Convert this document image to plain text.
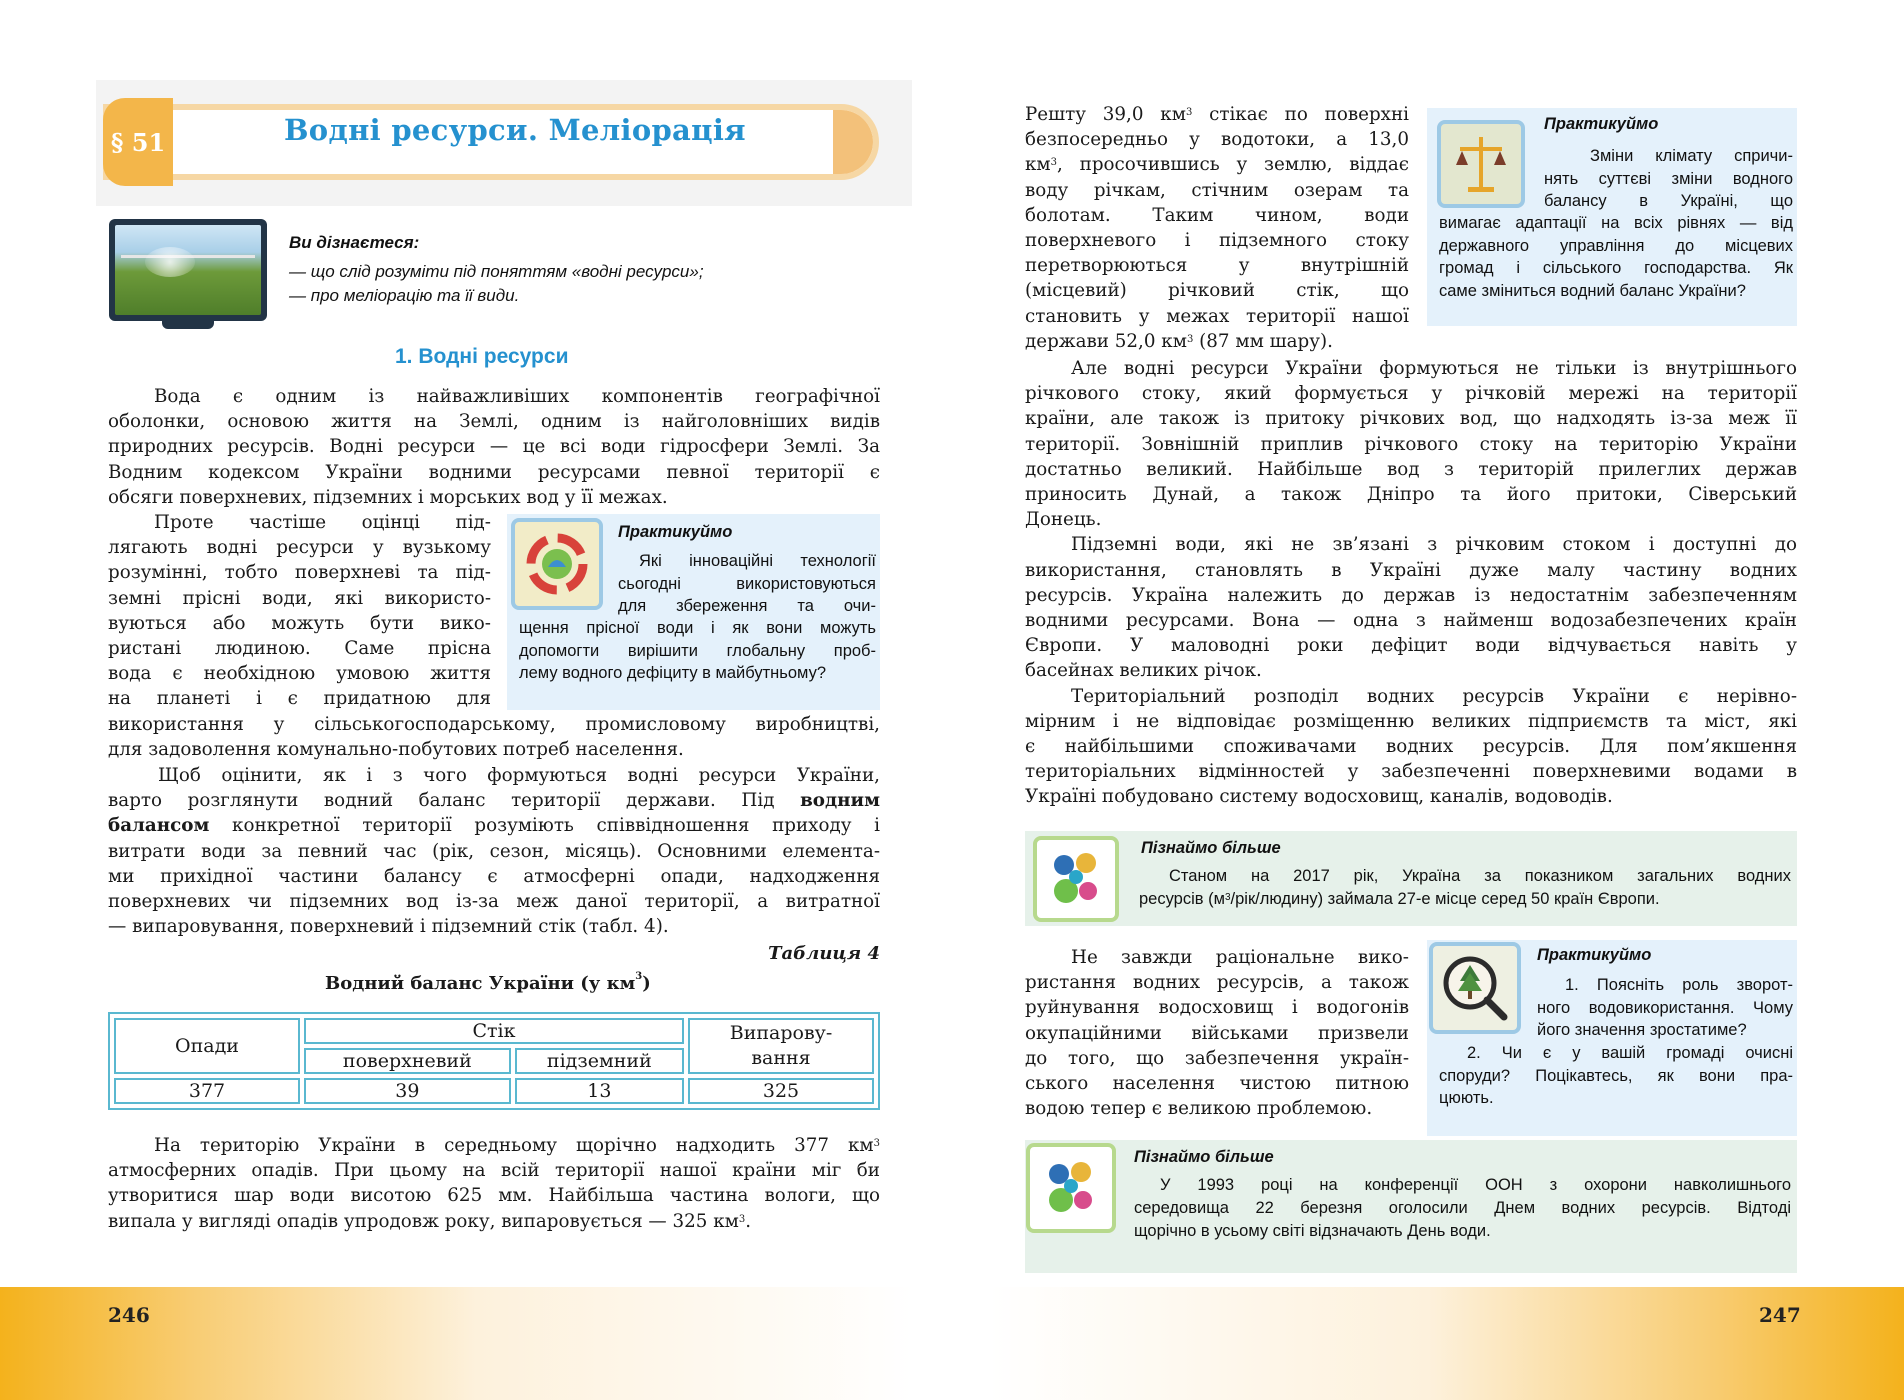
§ 51	Водні ресурси. Меліорація
Ви дізнаєтеся:
— що слід розуміти під поняттям «водні ресурси»;
— про меліорацію та її види.
1. Водні ресурси
Вода є одним із найважливіших компонентів географічної
оболонки, основою життя на Землі, одним із найголовніших видів
природних ресурсів. Водні ресурси — це всі води гідросфери Землі. За
Водним кодексом України водними ресурсами певної території є
обсяги поверхневих, підземних і морських вод у її межах.
Проте частіше оцінці під-
лягають водні ресурси у вузькому
розумінні, тобто поверхневі та під-
земні прісні води, які використо-
вуються або можуть бути вико-
ристані людиною. Саме прісна
вода є необхідною умовою життя
на планеті і є придатною для
використання у сільськогосподарському, промисловому виробництві,
для задоволення комунально-побутових потреб населення.
Практикуймо
Які інноваційні технології
сьогодні використовуються
для збереження та очи-
щення прісної води і як вони можуть
допомогти вирішити глобальну проб-
лему водного дефіциту в майбутньому?
Щоб оцінити, як і з чого формуються водні ресурси України,
варто розглянути водний баланс території держави. Під водним
балансом конкретної території розуміють співвідношення приходу і
витрати води за певний час (рік, сезон, місяць). Основними елемента-
ми прихідної частини балансу є атмосферні опади, надходження
поверхневих чи підземних вод із-за меж даної території, а витратної
— випаровування, поверхневий і підземний стік (табл. 4).
Таблиця 4
Водний баланс України (у $км^3$)
Опади	Стік		Випарову-
вання

	поверхневий	підземний	
377	39	13	325
На територію України в середньому щорічно надходить 377 $км^3$
атмосферних опадів. При цьому на всій території нашої країни міг би
утворитися шар води висотою 625 мм. Найбільша частина вологи, що
випала у вигляді опадів упродовж року, випаровується — 325 $км^3$.
Решту 39,0 $км^3$ стікає по поверхні
безпосередньо у водотоки, а 13,0
$км^3$, просочившись у землю, віддає
воду річкам, стічним озерам та
болотам. Таким чином, води
поверхневого і підземного стоку
перетворюються у внутрішній
(місцевий) річковий стік, що
становить у межах території нашої
держави 52,0 $км^3$ (87 мм шару).
Практикуймо
Зміни клімату спричи-
нять суттєві зміни водного
балансу в Україні, що
вимагає адаптації на всіх рівнях — від
державного управління до місцевих
громад і сільського господарства. Як
саме зміниться водний баланс України?
Але водні ресурси України формуються не тільки із внутрішнього
річкового стоку, який формується у річковій мережі на території
країни, але також із притоку річкових вод, що надходять із-за меж її
території. Зовнішній приплив річкового стоку на територію України
достатньо великий. Найбільше вод з територій прилеглих держав
приносить Дунай, а також Дніпро та його притоки, Сіверський
Донець.
Підземні води, які не зв’язані з річковим стоком і доступні до
використання, становлять в Україні дуже малу частину водних
ресурсів. Україна належить до держав із недостатнім забезпеченням
водними ресурсами. Вона — одна з найменш водозабезпечених країн
Європи. У маловодні роки дефіцит води відчувається навіть у
басейнах великих річок.
Територіальний розподіл водних ресурсів України є нерівно-
мірним і не відповідає розміщенню великих підприємств та міст, які
є найбільшими споживачами водних ресурсів. Для пом’якшення
територіальних відмінностей у забезпеченні поверхневими водами в
Україні побудовано систему водосховищ, каналів, водоводів.
Пізнаймо більше
Станом на 2017 рік, Україна за показником загальних водних
ресурсів $(м^3/рік/людину)$ займала 27-е місце серед 50 країн Європи.
Не завжди раціональне вико-
ристання водних ресурсів, а також
руйнування водосховищ і водогонів
окупаційними військами призвели
до того, що забезпечення україн-
ського населення чистою питною
водою тепер є великою проблемою.
Практикуймо
1. Поясніть роль зворот-
ного водовикористання. Чому
його значення зростатиме?
2. Чи є у вашій громаді очисні
споруди? Поцікавтесь, як вони пра-
цюють.
Пізнаймо більше
У 1993 році на конференції ООН з охорони навколишнього
середовища 22 березня оголосили Днем водних ресурсів. Відтоді
щорічно в усьому світі відзначають День води.
246	247
